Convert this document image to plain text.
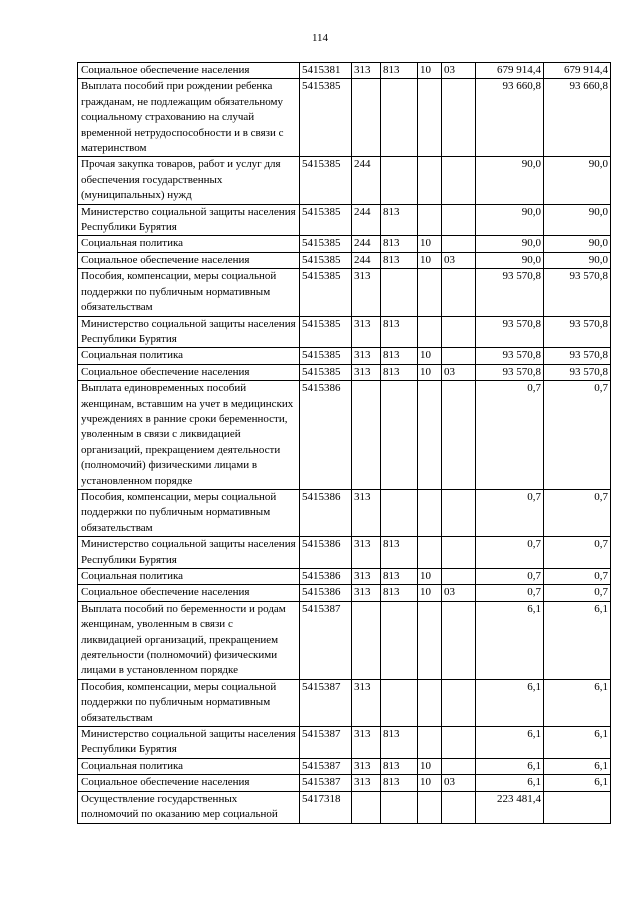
114
Социальное обеспечение населения	5415381	313	813	10	03	679 914,4	679 914,4
Выплата пособий при рождении ребенка гражданам, не подлежащим обязательному социальному страхованию на случай временной нетрудоспособности и в связи с материнством	5415385					93 660,8	93 660,8
Прочая закупка товаров, работ и услуг для обеспечения государственных (муниципальных) нужд	5415385	244				90,0	90,0
Министерство социальной защиты населения Республики Бурятия	5415385	244	813			90,0	90,0
Социальная политика	5415385	244	813	10		90,0	90,0
Социальное обеспечение населения	5415385	244	813	10	03	90,0	90,0
Пособия, компенсации, меры социальной поддержки по публичным нормативным обязательствам	5415385	313				93 570,8	93 570,8
Министерство социальной защиты населения Республики Бурятия	5415385	313	813			93 570,8	93 570,8
Социальная политика	5415385	313	813	10		93 570,8	93 570,8
Социальное обеспечение населения	5415385	313	813	10	03	93 570,8	93 570,8
Выплата единовременных пособий женщинам, вставшим на учет в медицинских учреждениях в ранние сроки беременности, уволенным в связи с ликвидацией организаций, прекращением деятельности (полномочий) физическими лицами в установленном порядке	5415386					0,7	0,7
Пособия, компенсации, меры социальной поддержки по публичным нормативным обязательствам	5415386	313				0,7	0,7
Министерство социальной защиты населения Республики Бурятия	5415386	313	813			0,7	0,7
Социальная политика	5415386	313	813	10		0,7	0,7
Социальное обеспечение населения	5415386	313	813	10	03	0,7	0,7
Выплата пособий по беременности и родам женщинам, уволенным в связи с ликвидацией организаций, прекращением деятельности (полномочий) физическими лицами в установленном порядке	5415387					6,1	6,1
Пособия, компенсации, меры социальной поддержки по публичным нормативным обязательствам	5415387	313				6,1	6,1
Министерство социальной защиты населения Республики Бурятия	5415387	313	813			6,1	6,1
Социальная политика	5415387	313	813	10		6,1	6,1
Социальное обеспечение населения	5415387	313	813	10	03	6,1	6,1
Осуществление государственных полномочий по оказанию мер социальной	5417318					223 481,4	
